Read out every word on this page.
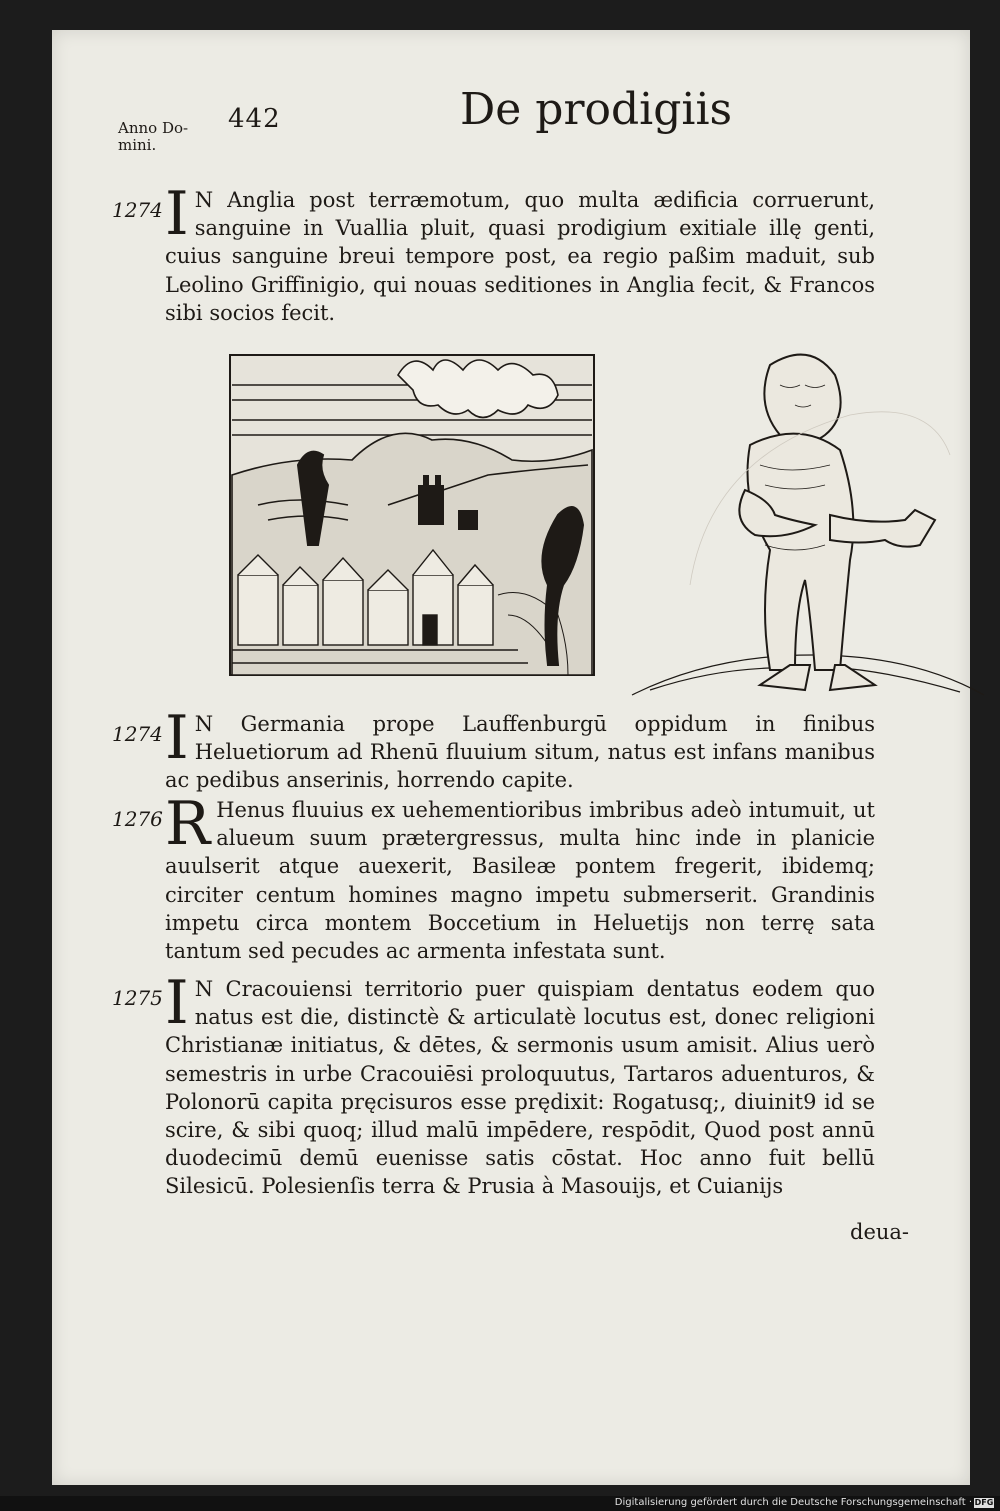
Anno Do-
mini.
442	De prodigiis
1274 I N Anglia post terræmotum, quo multa ædificia corruerunt, sanguine in Vuallia pluit, quasi prodigium exitiale illę genti, cuius sanguine breui tempore post, ea regio paßim maduit, sub Leolino Griffinigio, qui nouas seditiones in Anglia fecit, & Francos sibi socios fecit.
1274 I N Germania prope Lauffenburgū oppidum in finibus Heluetiorum ad Rhenū fluuium situm, natus est infans manibus ac pedibus anserinis, horrendo capite.
1276 R Henus fluuius ex uehementioribus imbribus adeò intumuit, ut alueum suum prætergressus, multa hinc inde in planicie auulserit atque auexerit, Basileæ pontem fregerit, ibidemq; circiter centum homines magno impetu submerserit. Grandinis impetu circa montem Boccetium in Heluetijs non terrę sata tantum sed pecudes ac armenta infestata sunt.
1275 I N Cracouiensi territorio puer quispiam dentatus eodem quo natus est die, distinctè & articulatè locutus est, donec religioni Christianæ initiatus, & dētes, & sermonis usum amisit. Alius uerò semestris in urbe Cracouiēsi proloquutus, Tartaros aduenturos, & Polonorū capita pręcisuros esse prędixit: Rogatusq;, diuinit9 id se scire, & sibi quoq; illud malū impēdere, respōdit, Quod post annū duodecimū demū euenisse satis cōstat. Hoc anno fuit bellū Silesicū. Polesienſis terra & Prusia à Masouijs, et Cuianijs
deua-
Digitalisierung gefördert durch die Deutsche Forschungsgemeinschaft · DFG
